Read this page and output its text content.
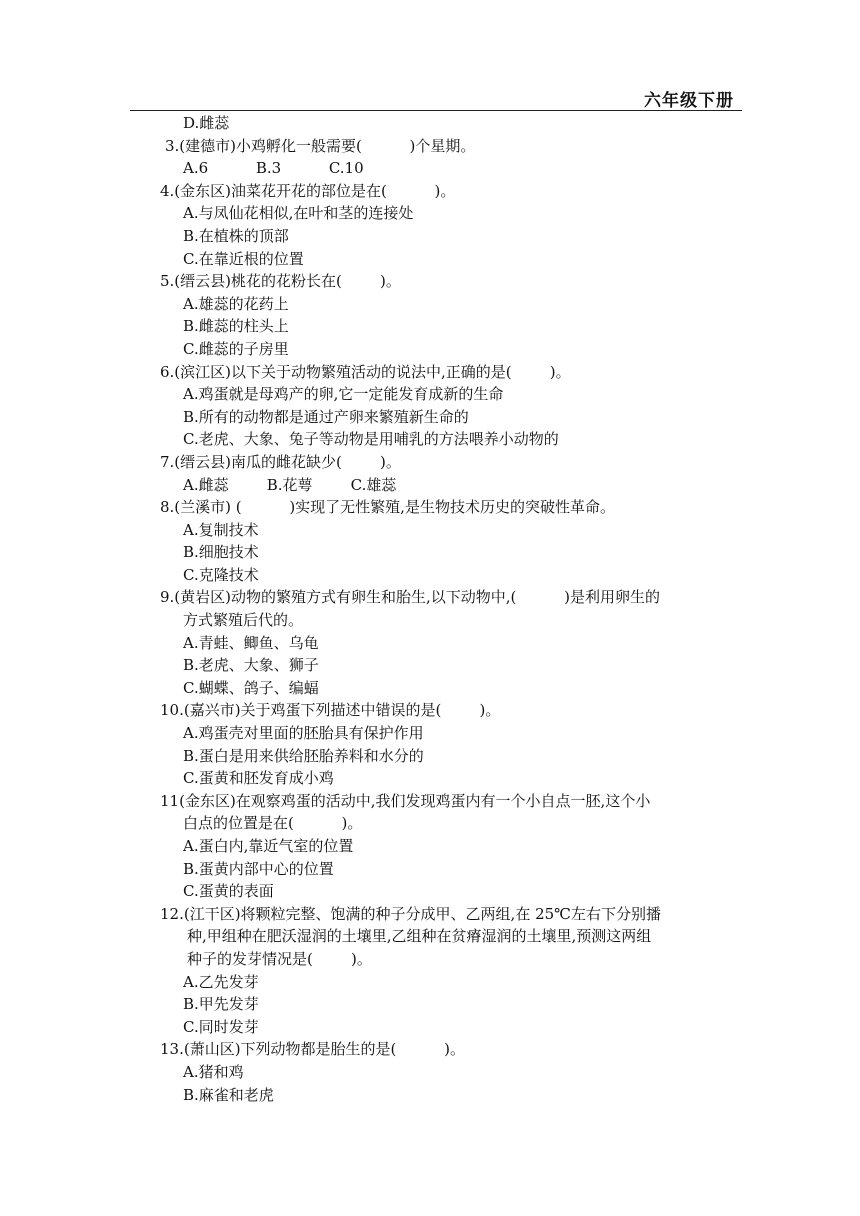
六年级下册
D.雌蕊
3.(建德市)小鸡孵化一般需要(          )个星期。
A.6          B.3          C.10
4.(金东区)油菜花开花的部位是在(          )。
A.与凤仙花相似,在叶和茎的连接处
B.在植株的顶部
C.在靠近根的位置
5.(缙云县)桃花的花粉长在(        )。
A.雄蕊的花药上
B.雌蕊的柱头上
C.雌蕊的子房里
6.(滨江区)以下关于动物繁殖活动的说法中,正确的是(        )。
A.鸡蛋就是母鸡产的卵,它一定能发育成新的生命
B.所有的动物都是通过产卵来繁殖新生命的
C.老虎、大象、兔子等动物是用哺乳的方法喂养小动物的
7.(缙云县)南瓜的雌花缺少(        )。
A.雌蕊        B.花萼        C.雄蕊
8.(兰溪市) (          )实现了无性繁殖,是生物技术历史的突破性革命。
A.复制技术
B.细胞技术
C.克隆技术
9.(黄岩区)动物的繁殖方式有卵生和胎生,以下动物中,(          )是利用卵生的
方式繁殖后代的。
A.青蛙、鲫鱼、乌龟
B.老虎、大象、狮子
C.蝴蝶、鸽子、编蝠
10.(嘉兴市)关于鸡蛋下列描述中错误的是(        )。
A.鸡蛋壳对里面的胚胎具有保护作用
B.蛋白是用来供给胚胎养料和水分的
C.蛋黄和胚发育成小鸡
11(金东区)在观察鸡蛋的活动中,我们发现鸡蛋内有一个小自点一胚,这个小
白点的位置是在(          )。
A.蛋白内,靠近气室的位置
B.蛋黄内部中心的位置
C.蛋黄的表面
12.(江干区)将颗粒完整、饱满的种子分成甲、乙两组,在 25℃左右下分别播
种,甲组种在肥沃湿润的土壤里,乙组种在贫瘠湿润的土壤里,预测这两组
种子的发芽情况是(        )。
A.乙先发芽
B.甲先发芽
C.同时发芽
13.(萧山区)下列动物都是胎生的是(          )。
A.猪和鸡
B.麻雀和老虎
